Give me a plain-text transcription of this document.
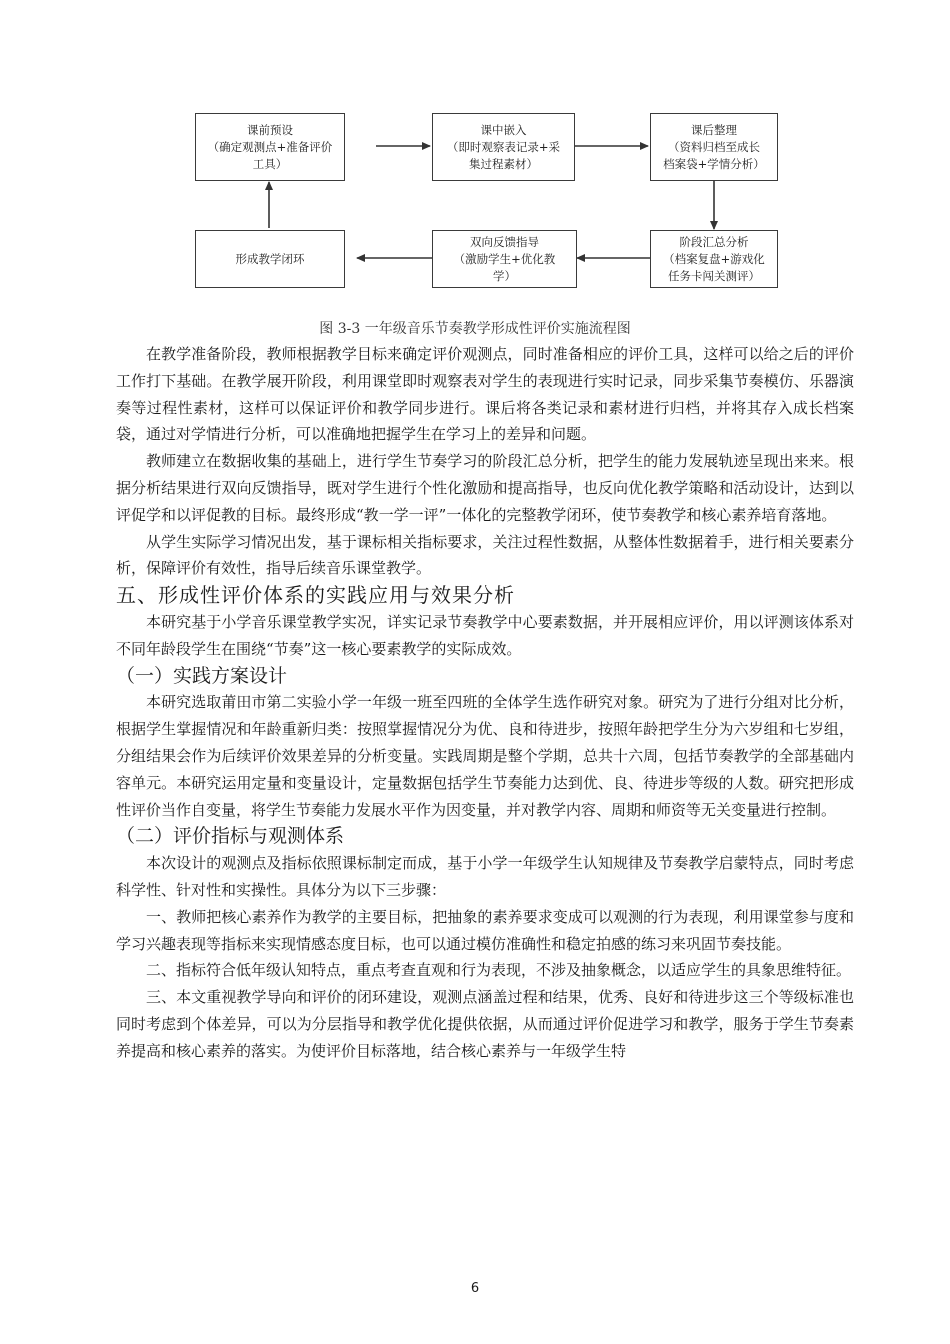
课前预设
（确定观测点+准备评价
工具）
课中嵌入
（即时观察表记录+采
集过程素材）
课后整理
（资料归档至成长
档案袋+学情分析）
阶段汇总分析
（档案复盘+游戏化
任务卡闯关测评）
双向反馈指导
（激励学生+优化教
学）
形成教学闭环
图 3-3 一年级音乐节奏教学形成性评价实施流程图

在教学准备阶段，教师根据教学目标来确定评价观测点，同时准备相应的评价工具，这样可以给之后的评价工作打下基础。在教学展开阶段，利用课堂即时观察表对学生的表现进行实时记录，同步采集节奏模仿、乐器演奏等过程性素材，这样可以保证评价和教学同步进行。课后将各类记录和素材进行归档，并将其存入成长档案袋，通过对学情进行分析，可以准确地把握学生在学习上的差异和问题。

教师建立在数据收集的基础上，进行学生节奏学习的阶段汇总分析，把学生的能力发展轨迹呈现出来来。根据分析结果进行双向反馈指导，既对学生进行个性化激励和提高指导，也反向优化教学策略和活动设计，达到以评促学和以评促教的目标。最终形成“教一学一评”一体化的完整教学闭环，使节奏教学和核心素养培育落地。

从学生实际学习情况出发，基于课标相关指标要求，关注过程性数据，从整体性数据着手，进行相关要素分析，保障评价有效性，指导后续音乐课堂教学。

五、形成性评价体系的实践应用与效果分析

本研究基于小学音乐课堂教学实况，详实记录节奏教学中心要素数据，并开展相应评价，用以评测该体系对不同年龄段学生在围绕“节奏”这一核心要素教学的实际成效。

（一）实践方案设计

本研究选取莆田市第二实验小学一年级一班至四班的全体学生选作研究对象。研究为了进行分组对比分析，根据学生掌握情况和年龄重新归类：按照掌握情况分为优、良和待进步，按照年龄把学生分为六岁组和七岁组，分组结果会作为后续评价效果差异的分析变量。实践周期是整个学期，总共十六周，包括节奏教学的全部基础内容单元。本研究运用定量和变量设计，定量数据包括学生节奏能力达到优、良、待进步等级的人数。研究把形成性评价当作自变量，将学生节奏能力发展水平作为因变量，并对教学内容、周期和师资等无关变量进行控制。

（二）评价指标与观测体系

本次设计的观测点及指标依照课标制定而成，基于小学一年级学生认知规律及节奏教学启蒙特点，同时考虑科学性、针对性和实操性。具体分为以下三步骤：

一、教师把核心素养作为教学的主要目标，把抽象的素养要求变成可以观测的行为表现，利用课堂参与度和学习兴趣表现等指标来实现情感态度目标，也可以通过模仿准确性和稳定拍感的练习来巩固节奏技能。

二、指标符合低年级认知特点，重点考查直观和行为表现，不涉及抽象概念，以适应学生的具象思维特征。

三、本文重视教学导向和评价的闭环建设，观测点涵盖过程和结果，优秀、良好和待进步这三个等级标准也同时考虑到个体差异，可以为分层指导和教学优化提供依据，从而通过评价促进学习和教学，服务于学生节奏素养提高和核心素养的落实。为使评价目标落地，结合核心素养与一年级学生特

6
